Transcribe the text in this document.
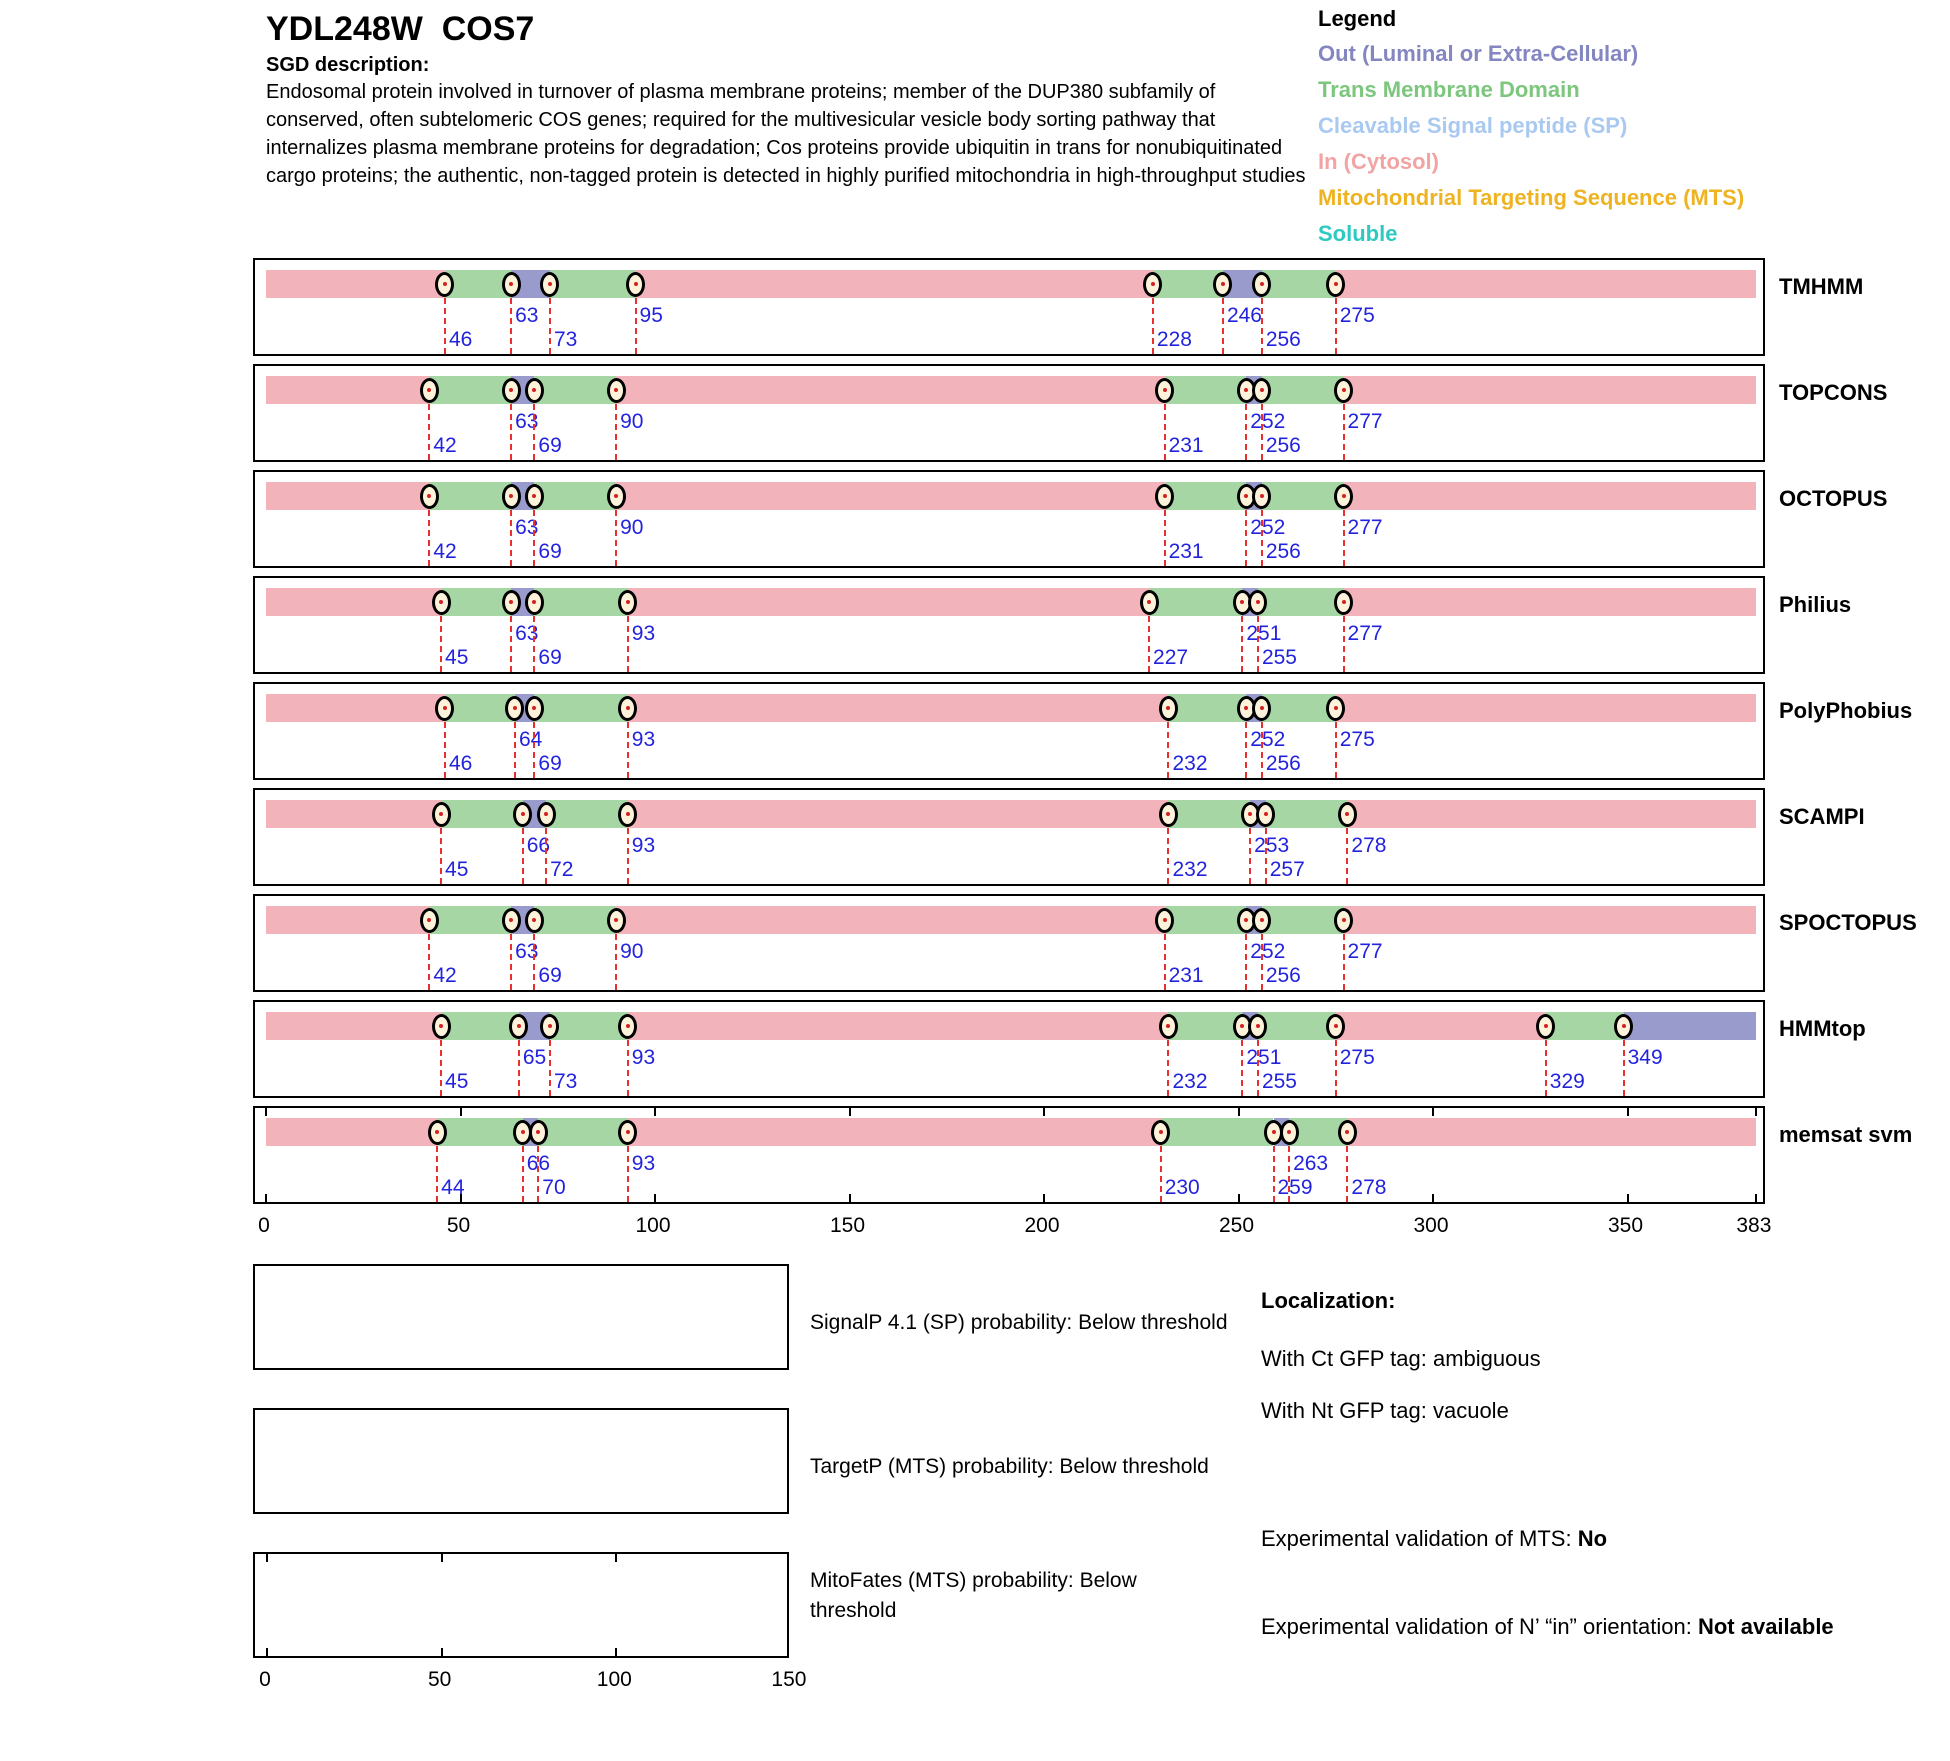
YDL248W  COS7
SGD description:
Endosomal protein involved in turnover of plasma membrane proteins; member of the DUP380 subfamily of conserved, often subtelomeric COS genes; required for the multivesicular vesicle body sorting pathway that internalizes plasma membrane proteins for degradation; Cos proteins provide ubiquitin in trans for nonubiquitinated cargo proteins; the authentic, non-tagged protein is detected in highly purified mitochondria in high-throughput studies
Legend
Out (Luminal or Extra-Cellular)
Trans Membrane Domain
Cleavable Signal peptide (SP)
In (Cytosol)
Mitochondrial Targeting Sequence (MTS)
Soluble
46
63
73
95
228
246
256
275
TMHMM
42
63
69
90
231
252
256
277
TOPCONS
42
63
69
90
231
252
256
277
OCTOPUS
45
63
69
93
227
251
255
277
Philius
46
64
69
93
232
252
256
275
PolyPhobius
45
66
72
93
232
253
257
278
SCAMPI
42
63
69
90
231
252
256
277
SPOCTOPUS
45
65
73
93
232
251
255
275
329
349
HMMtop
44
66
70
93
230	259
263
278
memsat svm
0	50	100	150	200	250	300	350	383
SignalP 4.1 (SP) probability: Below threshold
TargetP (MTS) probability: Below threshold
0	50	100	150
MitoFates (MTS) probability: Below threshold
Localization:
With Ct GFP tag: ambiguous
With Nt GFP tag: vacuole
Experimental validation of MTS: No
Experimental validation of N’ “in” orientation: Not available
